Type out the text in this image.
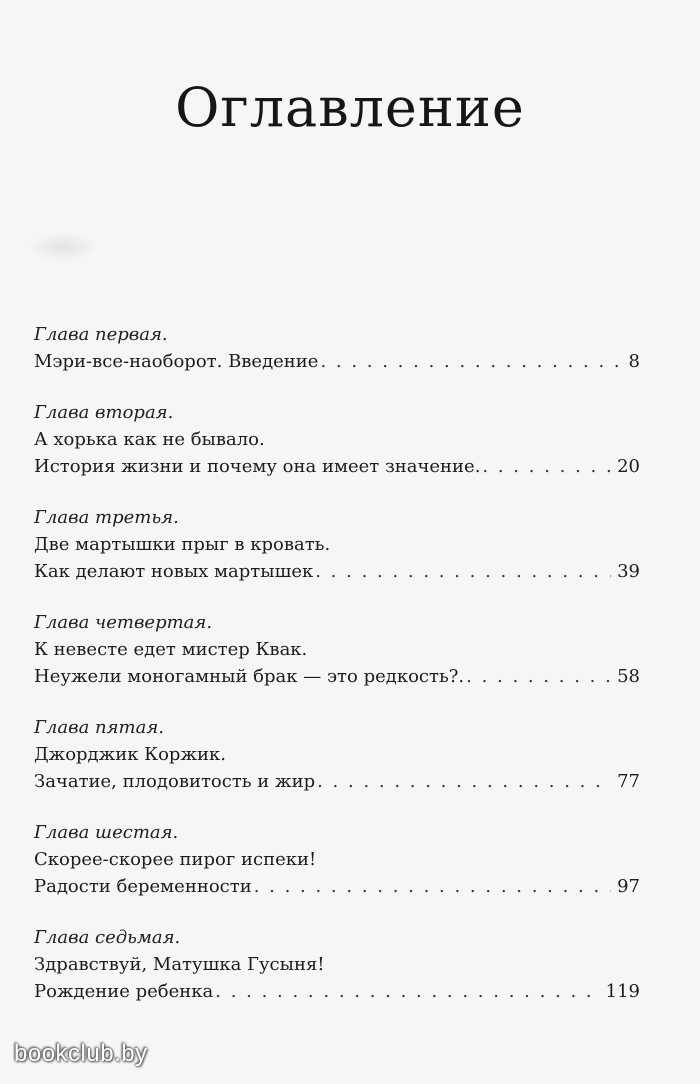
Оглавление
Глава первая.
Мэри-все-наоборот. Введение . . .	8
Глава вторая.
А хорька как не бывало.
История жизни и почему она имеет значение. . . .	20
Глава третья.
Две мартышки прыг в кровать.
Как делают новых мартышек . . .	39
Глава четвертая.
К невесте едет мистер Квак.
Неужели моногамный брак — это редкость?. . . .	58
Глава пятая.
Джорджик Коржик.
Зачатие, плодовитость и жир . . .	77
Глава шестая.
Скорее-скорее пирог испеки!
Радости беременности . . .	97
Глава седьмая.
Здравствуй, Матушка Гусыня!
Рождение ребенка . . .	119
bookclub.by
